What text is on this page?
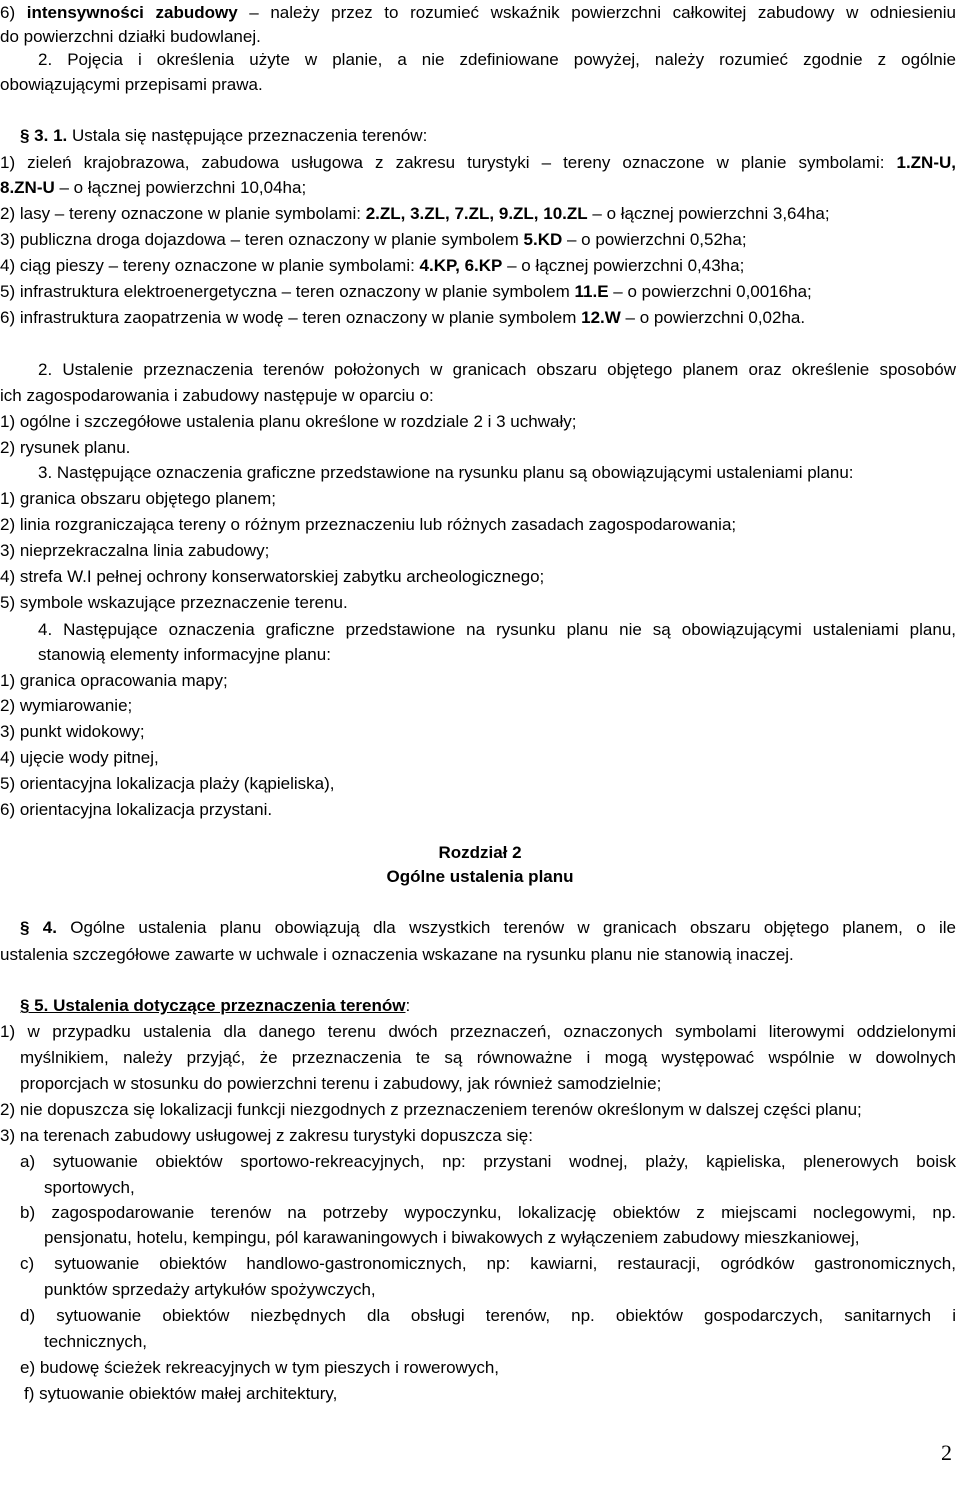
6) intensywności zabudowy – należy przez to rozumieć wskaźnik powierzchni całkowitej zabudowy w odniesieniu
do powierzchni działki budowlanej.
2. Pojęcia i określenia użyte w planie, a nie zdefiniowane powyżej, należy rozumieć zgodnie z ogólnie
obowiązującymi przepisami prawa.
§ 3. 1. Ustala się następujące przeznaczenia terenów:
1) zieleń krajobrazowa, zabudowa usługowa z zakresu turystyki – tereny oznaczone w planie symbolami: 1.ZN-U,
8.ZN-U – o łącznej powierzchni 10,04ha;
2) lasy – tereny oznaczone w planie symbolami: 2.ZL, 3.ZL, 7.ZL, 9.ZL, 10.ZL – o łącznej powierzchni 3,64ha;
3) publiczna droga dojazdowa – teren oznaczony w planie symbolem 5.KD – o powierzchni 0,52ha;
4) ciąg pieszy – tereny oznaczone w planie symbolami: 4.KP, 6.KP – o łącznej powierzchni 0,43ha;
5) infrastruktura elektroenergetyczna – teren oznaczony w planie symbolem 11.E – o powierzchni 0,0016ha;
6) infrastruktura zaopatrzenia w wodę – teren oznaczony w planie symbolem 12.W – o powierzchni 0,02ha.
2. Ustalenie przeznaczenia terenów położonych w granicach obszaru objętego planem oraz określenie sposobów
ich zagospodarowania i zabudowy następuje w oparciu o:
1) ogólne i szczegółowe ustalenia planu określone w rozdziale 2 i 3 uchwały;
2) rysunek planu.
3. Następujące oznaczenia graficzne przedstawione na rysunku planu są obowiązującymi ustaleniami planu:
1) granica obszaru objętego planem;
2) linia rozgraniczająca tereny o różnym przeznaczeniu lub różnych zasadach zagospodarowania;
3) nieprzekraczalna linia zabudowy;
4) strefa W.I pełnej ochrony konserwatorskiej zabytku archeologicznego;
5) symbole wskazujące przeznaczenie terenu.
4. Następujące oznaczenia graficzne przedstawione na rysunku planu nie są obowiązującymi ustaleniami planu,
stanowią elementy informacyjne planu:
1) granica opracowania mapy;
2) wymiarowanie;
3) punkt widokowy;
4) ujęcie wody pitnej,
5) orientacyjna lokalizacja plaży (kąpieliska),
6) orientacyjna lokalizacja przystani.
Rozdział 2
Ogólne ustalenia planu
§ 4. Ogólne ustalenia planu obowiązują dla wszystkich terenów w granicach obszaru objętego planem, o ile
ustalenia szczegółowe zawarte w uchwale i oznaczenia wskazane na rysunku planu nie stanowią inaczej.
§ 5. Ustalenia dotyczące przeznaczenia terenów:
1) w przypadku ustalenia dla danego terenu dwóch przeznaczeń, oznaczonych symbolami literowymi oddzielonymi
myślnikiem, należy przyjąć, że przeznaczenia te są równoważne i mogą występować wspólnie w dowolnych
proporcjach w stosunku do powierzchni terenu i zabudowy, jak również samodzielnie;
2) nie dopuszcza się lokalizacji funkcji niezgodnych z przeznaczeniem terenów określonym w dalszej części planu;
3) na terenach zabudowy usługowej z zakresu turystyki dopuszcza się:
a) sytuowanie obiektów sportowo-rekreacyjnych, np: przystani wodnej, plaży, kąpieliska, plenerowych boisk
sportowych,
b) zagospodarowanie terenów na potrzeby wypoczynku, lokalizację obiektów z miejscami noclegowymi, np.
pensjonatu, hotelu, kempingu, pól karawaningowych i biwakowych z wyłączeniem zabudowy mieszkaniowej,
c) sytuowanie obiektów handlowo-gastronomicznych, np: kawiarni, restauracji, ogródków gastronomicznych,
punktów sprzedaży artykułów spożywczych,
d) sytuowanie obiektów niezbędnych dla obsługi terenów, np. obiektów gospodarczych, sanitarnych i
technicznych,
e) budowę ścieżek rekreacyjnych w tym pieszych i rowerowych,
f) sytuowanie obiektów małej architektury,
2
